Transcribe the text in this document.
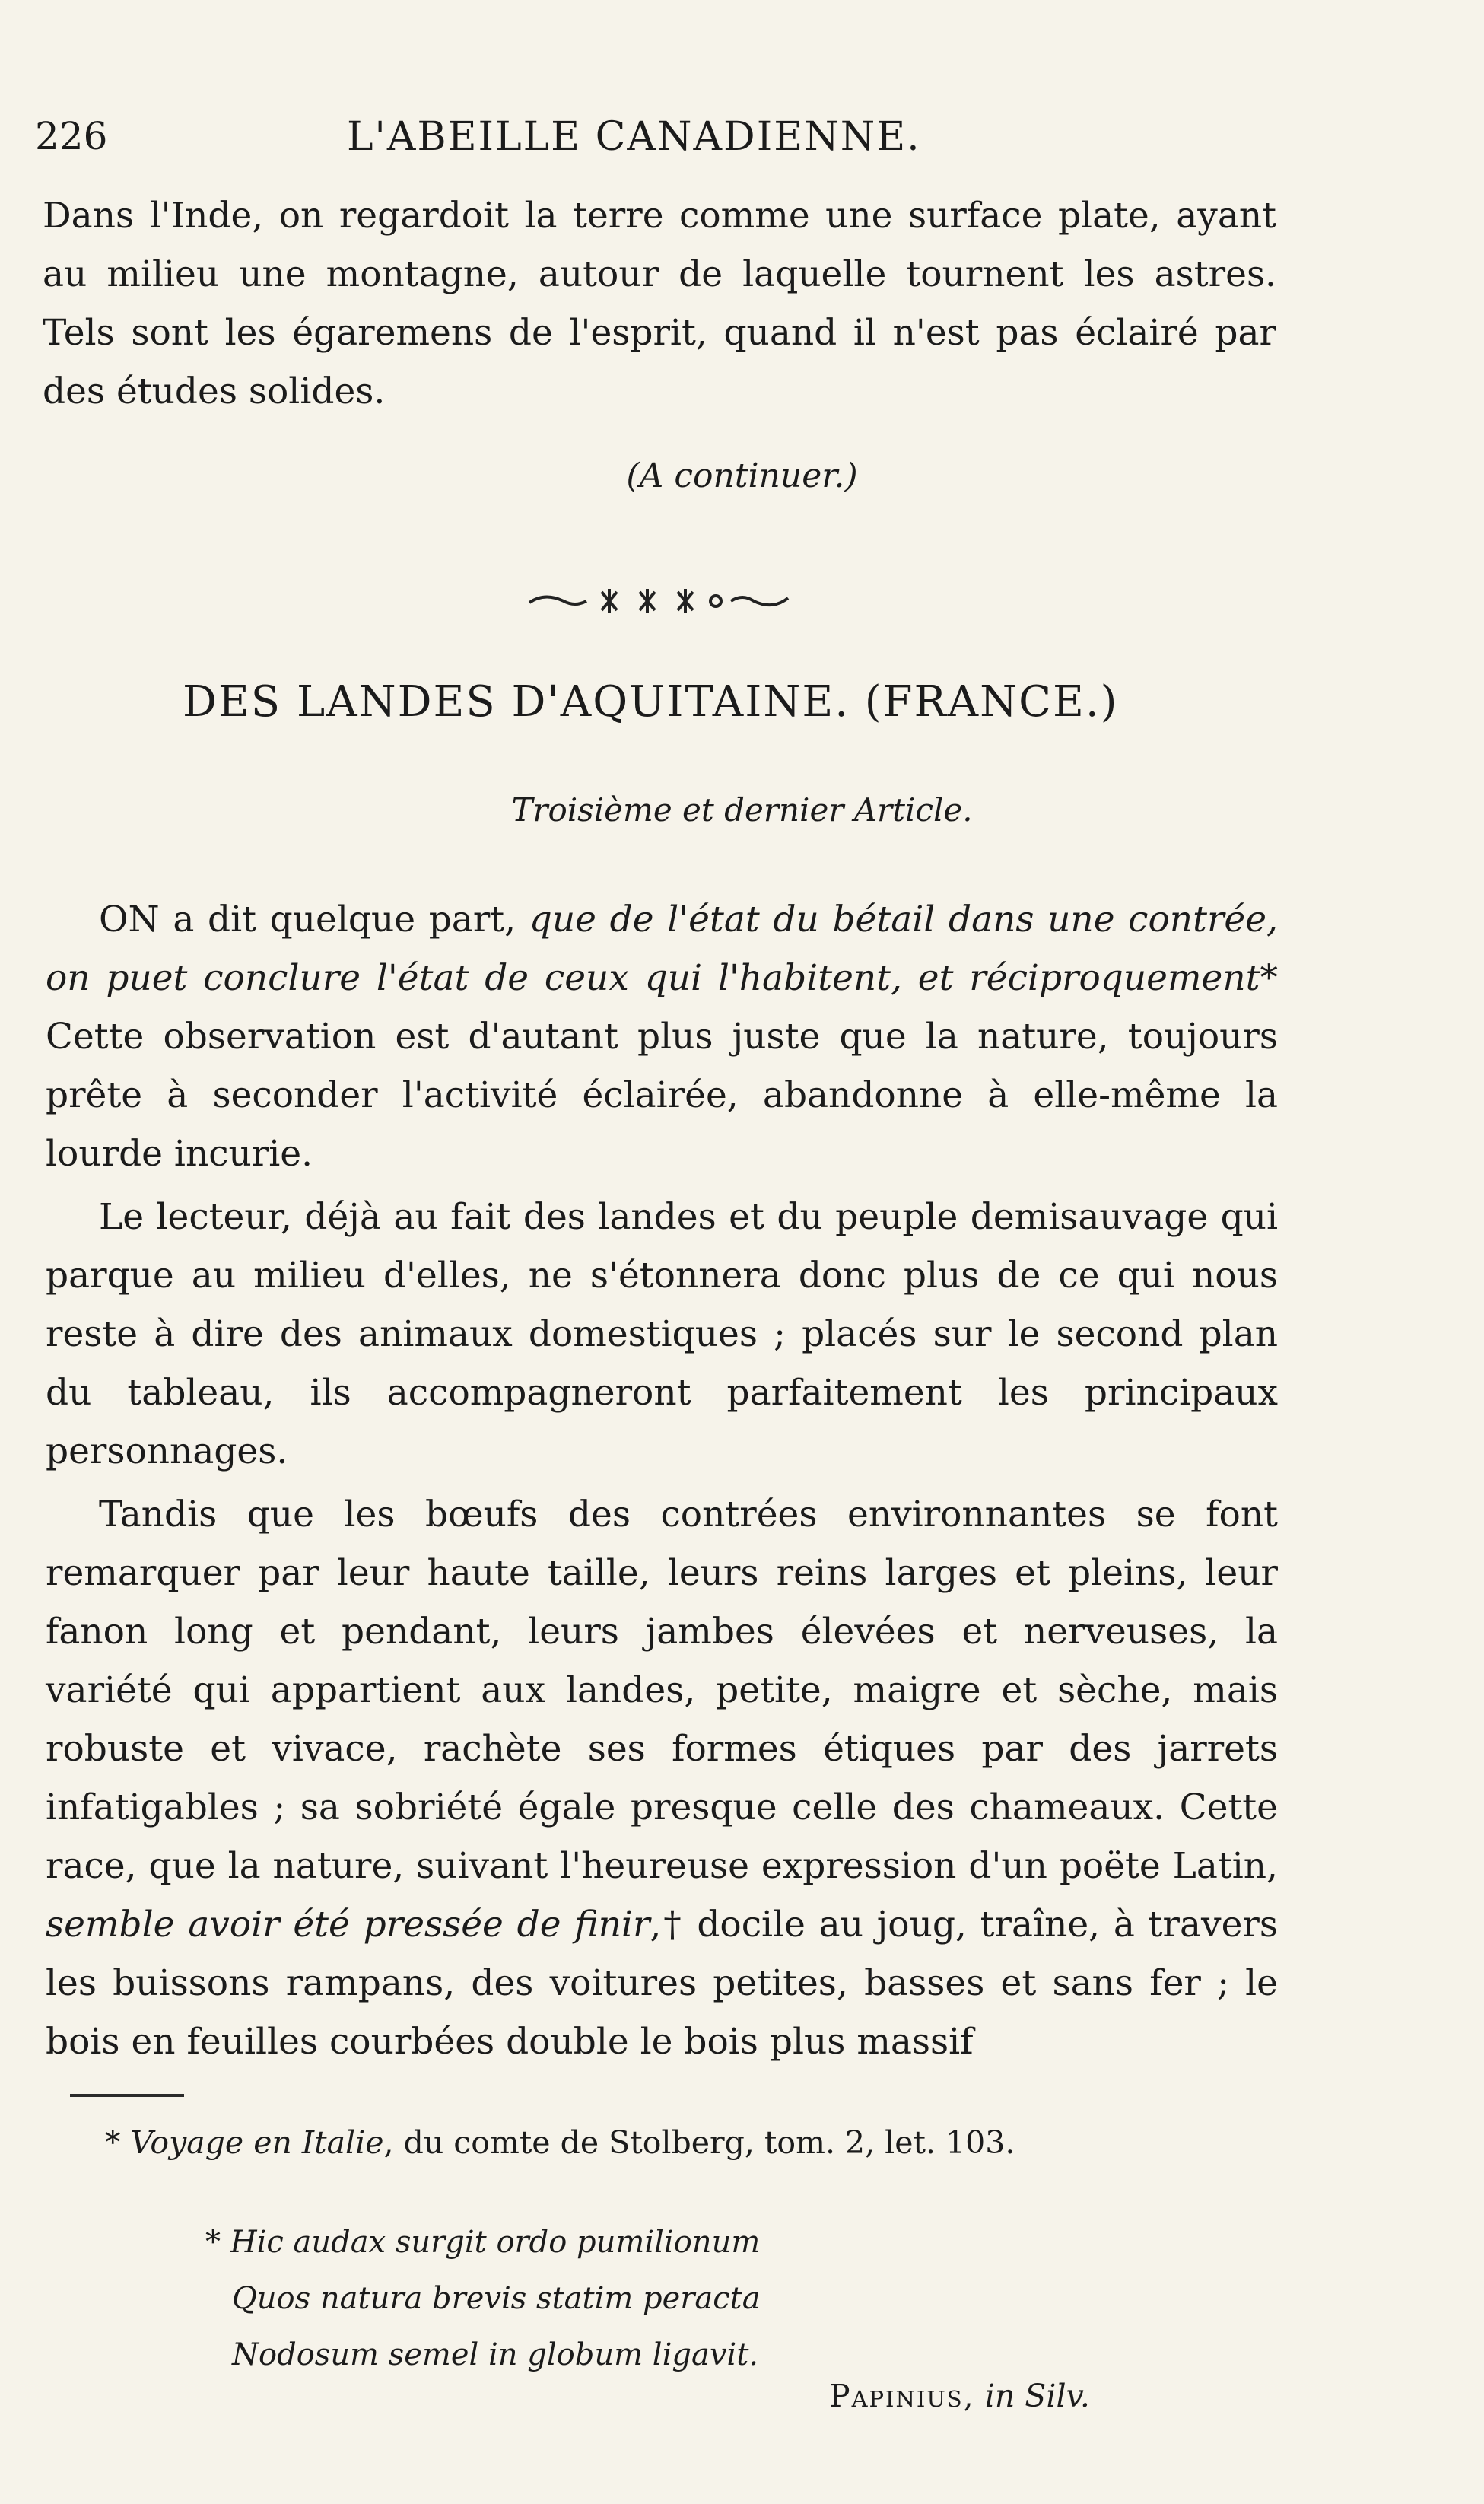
226	L'ABEILLE CANADIENNE.

Dans l'Inde, on regardoit la terre comme une surface plate, ayant au milieu une montagne, autour de laquelle tournent les astres. Tels sont les égaremens de l'esprit, quand il n'est pas éclairé par des études solides.

(A continuer.)
DES LANDES D'AQUITAINE. (FRANCE.)
Troisième et dernier Article.

ON a dit quelque part, que de l'état du bétail dans une contrée, on puet conclure l'état de ceux qui l'habitent, et réciproquement* Cette observation est d'autant plus juste que la nature, toujours prête à seconder l'activité éclairée, abandonne à elle-même la lourde incurie.

Le lecteur, déjà au fait des landes et du peuple demisauvage qui parque au milieu d'elles, ne s'étonnera donc plus de ce qui nous reste à dire des animaux domestiques ; placés sur le second plan du tableau, ils accompagneront parfaitement les principaux personnages.

Tandis que les bœufs des contrées environnantes se font remarquer par leur haute taille, leurs reins larges et pleins, leur fanon long et pendant, leurs jambes élevées et nerveuses, la variété qui appartient aux landes, petite, maigre et sèche, mais robuste et vivace, rachète ses formes étiques par des jarrets infatigables ; sa sobriété égale presque celle des chameaux. Cette race, que la nature, suivant l'heureuse expression d'un poëte Latin, semble avoir été pressée de finir,† docile au joug, traîne, à travers les buissons rampans, des voitures petites, basses et sans fer ; le bois en feuilles courbées double le bois plus massif

* Voyage en Italie, du comte de Stolberg, tom. 2, let. 103.
* Hic audax surgit ordo pumilionum
Quos natura brevis statim peracta
Nodosum semel in globum ligavit.
Papinius, in Silv.
